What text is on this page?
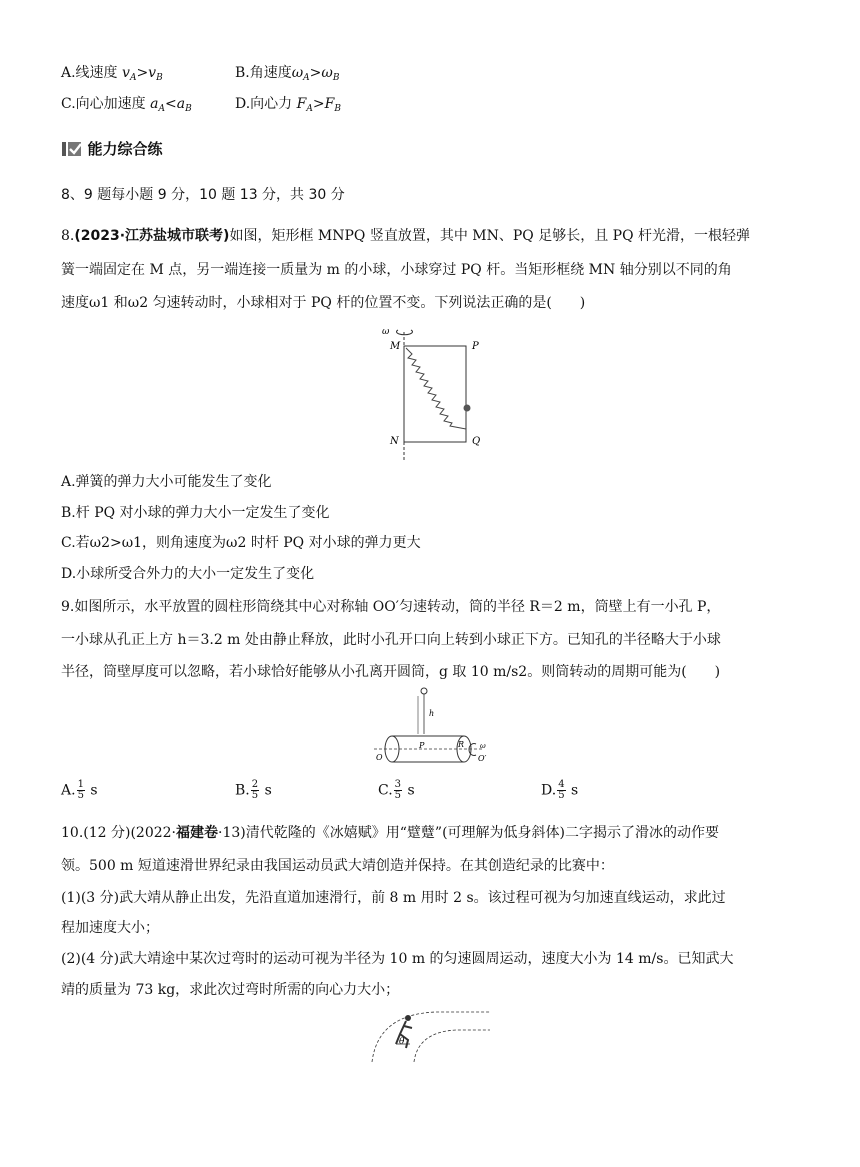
A.线速度 $v_A>v_B$	B.角速度$\omega_A>\omega_B$
C.向心加速度 $a_A<a_B$	D.向心力 $F_A>F_B$
能力综合练
8、9 题每小题 9 分，10 题 13 分，共 30 分
8.(2023·江苏盐城市联考)如图，矩形框 MNPQ 竖直放置，其中 MN、PQ 足够长，且 PQ 杆光滑，一根轻弹
簧一端固定在 M 点，另一端连接一质量为 m 的小球，小球穿过 PQ 杆。当矩形框绕 MN 轴分别以不同的角
速度ω1 和ω2 匀速转动时，小球相对于 PQ 杆的位置不变。下列说法正确的是(　　)
ω
M	P
N	Q
A.弹簧的弹力大小可能发生了变化
B.杆 PQ 对小球的弹力大小一定发生了变化
C.若ω2>ω1，则角速度为ω2 时杆 PQ 对小球的弹力更大
D.小球所受合外力的大小一定发生了变化
9.如图所示，水平放置的圆柱形筒绕其中心对称轴 OO′匀速转动，筒的半径 R＝2 m，筒壁上有一小孔 P，
一小球从孔正上方 h＝3.2 m 处由静止释放，此时小孔开口向上转到小球正下方。已知孔的半径略大于小球
半径，筒壁厚度可以忽略，若小球恰好能够从小孔离开圆筒，g 取 10 m/s2。则筒转动的周期可能为(　　)
h
P	R
O	O′
ω
A. $\frac{1}{5}$ s	B. $\frac{2}{5}$ s	C. $\frac{3}{5}$ s	D. $\frac{4}{5}$ s
10.(12 分)(2022·福建卷·13)清代乾隆的《冰嬉赋》用“躄躠”(可理解为低身斜体)二字揭示了滑冰的动作要
领。500 m 短道速滑世界纪录由我国运动员武大靖创造并保持。在其创造纪录的比赛中：
(1)(3 分)武大靖从静止出发，先沿直道加速滑行，前 8 m 用时 2 s。该过程可视为匀加速直线运动，求此过
程加速度大小；
(2)(4 分)武大靖途中某次过弯时的运动可视为半径为 10 m 的匀速圆周运动，速度大小为 14 m/s。已知武大
靖的质量为 73 kg，求此次过弯时所需的向心力大小；
θ
